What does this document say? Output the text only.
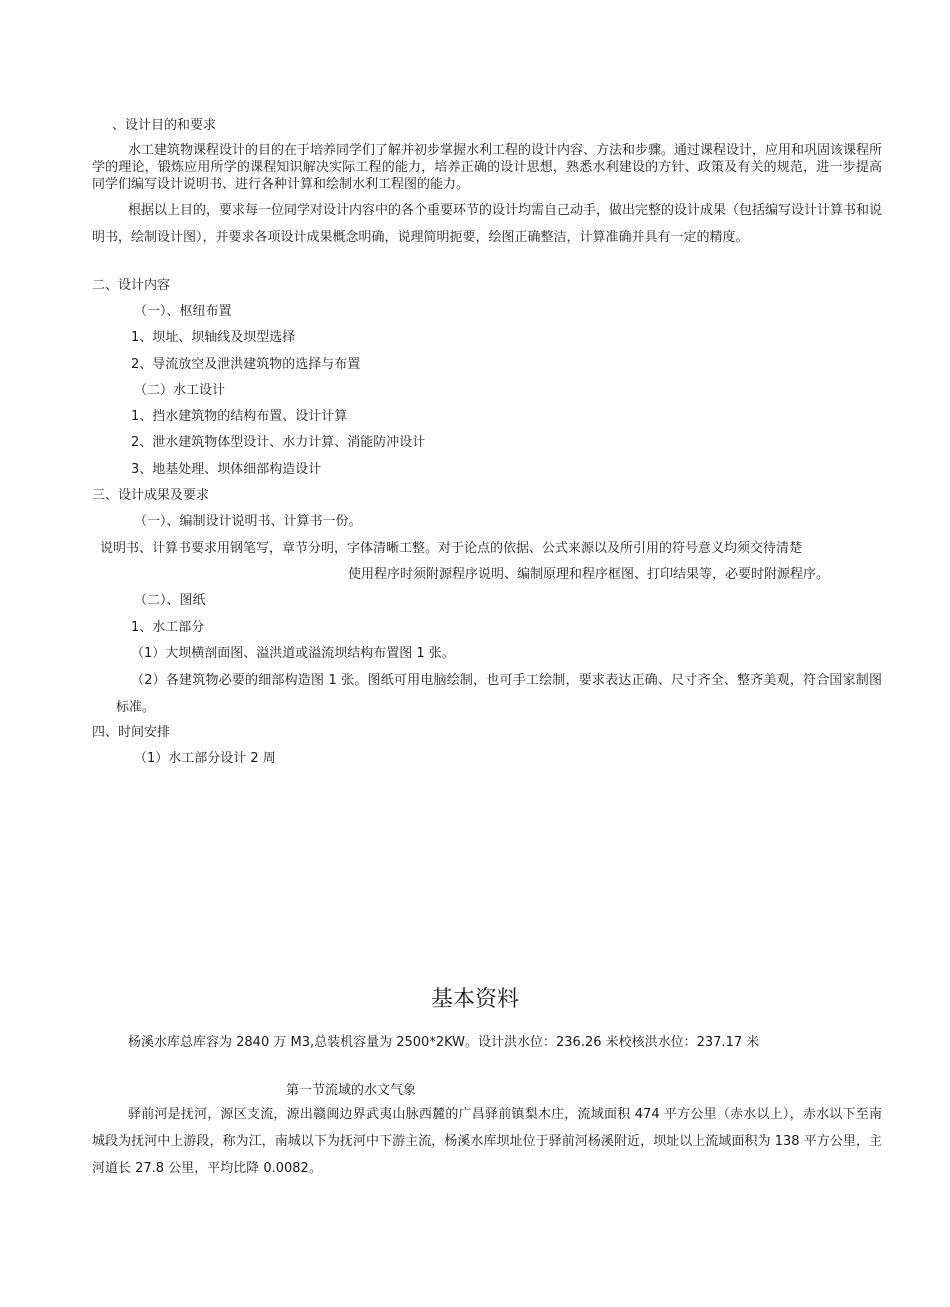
、设计目的和要求
水工建筑物课程设计的目的在于培养同学们了解并初步掌握水利工程的设计内容、方法和步骤。通过课程设计，应用和巩固该课程所学的理论，锻炼应用所学的课程知识解决实际工程的能力，培养正确的设计思想，熟悉水利建设的方针、政策及有关的规范，进一步提高同学们编写设计说明书、进行各种计算和绘制水利工程图的能力。
根据以上目的，要求每一位同学对设计内容中的各个重要环节的设计均需自己动手，做出完整的设计成果（包括编写设计计算书和说明书，绘制设计图），并要求各项设计成果概念明确，说理简明扼要，绘图正确整洁，计算准确并具有一定的精度。
二、设计内容
（一）、枢纽布置
1、坝址、坝轴线及坝型选择
2、导流放空及泄洪建筑物的选择与布置
（二）水工设计
1、挡水建筑物的结构布置、设计计算
2、泄水建筑物体型设计、水力计算、消能防冲设计
3、地基处理、坝体细部构造设计
三、设计成果及要求
（一）、编制设计说明书、计算书一份。
说明书、计算书要求用钢笔写，章节分明，字体清晰工整。对于论点的依据、公式来源以及所引用的符号意义均须交待清楚
使用程序时须附源程序说明、编制原理和程序框图、打印结果等，必要时附源程序。
（二）、图纸
1、水工部分
（1）大坝横剖面图、溢洪道或溢流坝结构布置图 1 张。
（2）各建筑物必要的细部构造图 1 张。图纸可用电脑绘制，也可手工绘制，要求表达正确、尺寸齐全、整齐美观，符合国家制图标准。
四、时间安排
（1）水工部分设计 2 周
基本资料
杨溪水库总库容为 2840 万 M3,总装机容量为 2500*2KW。设计洪水位：236.26 米校核洪水位：237.17 米
第一节流域的水文气象
驿前河是抚河，源区支流，源出赣闽边界武夷山脉西麓的广昌驿前镇梨木庄，流域面积 474 平方公里（赤水以上），赤水以下至南城段为抚河中上游段，称为江，南城以下为抚河中下游主流，杨溪水库坝址位于驿前河杨溪附近，坝址以上流域面积为 138 平方公里，主河道长 27.8 公里，平均比降 0.0082。
